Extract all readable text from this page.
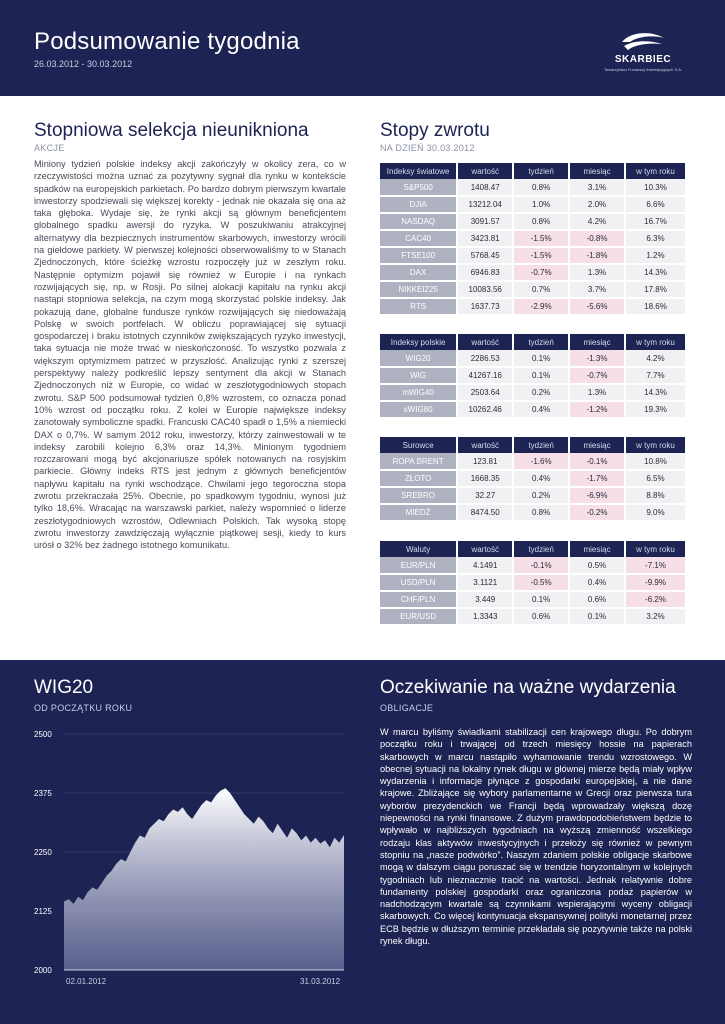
Podsumowanie tygodnia
26.03.2012 - 30.03.2012	SKARBIEC
Towarzystwo Funduszy Inwestycyjnych S.A.
Stopniowa selekcja nieunikniona
AKCJE
Miniony tydzień polskie indeksy akcji zakończyły w okolicy zera, co w rzeczywistości można uznać za pozytywny sygnał dla rynku w kontekście spadków na europejskich parkietach. Po bardzo dobrym pierwszym kwartale inwestorzy spodziewali się większej korekty - jednak nie okazała się ona aż taka głęboka. Wydaje się, że rynki akcji są głównym beneficjentem globalnego spadku awersji do ryzyka. W poszukiwaniu atrakcyjnej alternatywy dla bezpiecznych instrumentów skarbowych, inwestorzy wrócili na giełdowe parkiety. W pierwszej kolejności obserwowaliśmy to w Stanach Zjednoczonych, które ścieżkę wzrostu rozpoczęły już w zeszłym roku. Następnie optymizm pojawił się również w Europie i na rynkach rozwijających się, np. w Rosji. Po silnej alokacji kapitału na rynku akcji nastąpi stopniowa selekcja, na czym mogą skorzystać polskie indeksy. Jak pokazują dane, globalne fundusze rynków rozwijających się niedoważają Polskę w swoich portfelach. W obliczu poprawiającej się sytuacji gospodarczej i braku istotnych czynników zwiększających ryzyko inwestycji, taka sytuacja nie może trwać w nieskończoność. To wszystko pozwala z większym optymizmem patrzeć w przyszłość. Analizując rynki z szerszej perspektywy należy podkreślić lepszy sentyment dla akcji w Stanach Zjednoczonych niż w Europie, co widać w zeszłotygodniowych stopach zwrotu. S&P 500 podsumował tydzień 0,8% wzrostem, co oznacza ponad 10% wzrost od początku roku. Z kolei w Europie największe indeksy zanotowały symboliczne spadki. Francuski CAC40 spadł o 1,5% a niemiecki DAX o 0,7%. W samym 2012 roku, inwestorzy, którzy zainwestowali w te indeksy zarobili kolejno 6,3% oraz 14,3%. Minionym tygodniem rozczarowani mogą być akcjonariusze spółek notowanych na rosyjskim parkiecie. Główny indeks RTS jest jednym z głównych beneficjentów napływu kapitału na rynki wschodzące. Chwilami jego tegoroczna stopa zwrotu przekraczała 25%. Obecnie, po spadkowym tygodniu, wynosi już tylko 18,6%. Wracając na warszawski parkiet, należy wspomnieć o liderze zeszłotygodniowych wzrostów, Odlewniach Polskich. Tak wysoką stopę zwrotu inwestorzy zawdzięczają wyłącznie piątkowej sesji, kiedy to kurs urósł o 32% bez żadnego istotnego komunikatu.
Stopy zwrotu
NA DZIEŃ 30.03.2012
Indeksy światowe	wartość	tydzień	miesiąc	w tym roku
S&P500	1408.47	0.8%	3.1%	10.3%
DJIA	13212.04	1.0%	2.0%	6.6%
NASDAQ	3091.57	0.8%	4.2%	16.7%
CAC40	3423.81	-1.5%	-0.8%	6.3%
FTSE100	5768.45	-1.5%	-1.8%	1.2%
DAX	6946.83	-0.7%	1.3%	14.3%
NIKKEI225	10083.56	0.7%	3.7%	17.8%
RTS	1637.73	-2.9%	-5.6%	18.6%
Indeksy polskie	wartość	tydzień	miesiąc	w tym roku
WIG20	2286.53	0.1%	-1.3%	4.2%
WIG	41267.16	0.1%	-0.7%	7.7%
mWIG40	2503.64	0.2%	1.3%	14.3%
sWIG80	10262.46	0.4%	-1.2%	19.3%
Surowce	wartość	tydzień	miesiąc	w tym roku
ROPA BRENT	123.81	-1.6%	-0.1%	10.8%
ZŁOTO	1668.35	0.4%	-1.7%	6.5%
SREBRO	32.27	0.2%	-6.9%	8.8%
MIEDŹ	8474.50	0.8%	-0.2%	9.0%
Waluty	wartość	tydzień	miesiąc	w tym roku
EUR/PLN	4.1491	-0.1%	0.5%	-7.1%
USD/PLN	3.1121	-0.5%	0.4%	-9.9%
CHF/PLN	3.449	0.1%	0.6%	-6.2%
EUR/USD	1.3343	0.6%	0.1%	3.2%
WIG20
OD POCZĄTKU ROKU
Oczekiwanie na ważne wydarzenia
OBLIGACJE
W marcu byliśmy świadkami stabilizacji cen krajowego długu. Po dobrym początku roku i trwającej od trzech miesięcy hossie na papierach skarbowych w marcu nastąpiło wyhamowanie trendu wzrostowego. W obecnej sytuacji na lokalny rynek długu w głównej mierze będą miały wpływ wydarzenia i informacje płynące z gospodarki europejskiej, a nie dane krajowe. Zbliżające się wybory parlamentarne w Grecji oraz pierwsza tura wyborów prezydenckich we Francji będą wprowadzały większą dozę niepewności na rynki finansowe. Z dużym prawdopodobieństwem będzie to wpływało w najbliższych tygodniach na wyższą zmienność wszelkiego rodzaju klas aktywów inwestycyjnych i przełoży się również w pewnym stopniu na „nasze podwórko”. Naszym zdaniem polskie obligacje skarbowe mogą w dalszym ciągu poruszać się w trendzie horyzontalnym w kolejnych tygodniach lub nieznacznie tracić na wartości. Jednak relatywnie dobre fundamenty polskiej gospodarki oraz ograniczona podaż papierów w nadchodzącym kwartale są czynnikami wspierającymi wyceny obligacji skarbowych. Co więcej kontynuacja ekspansywnej polityki monetarnej przez ECB będzie w dłuższym terminie przekładała się pozytywnie także na polski rynek długu.
2500
2375
2250
2125
2000
02.01.2012	31.03.2012
